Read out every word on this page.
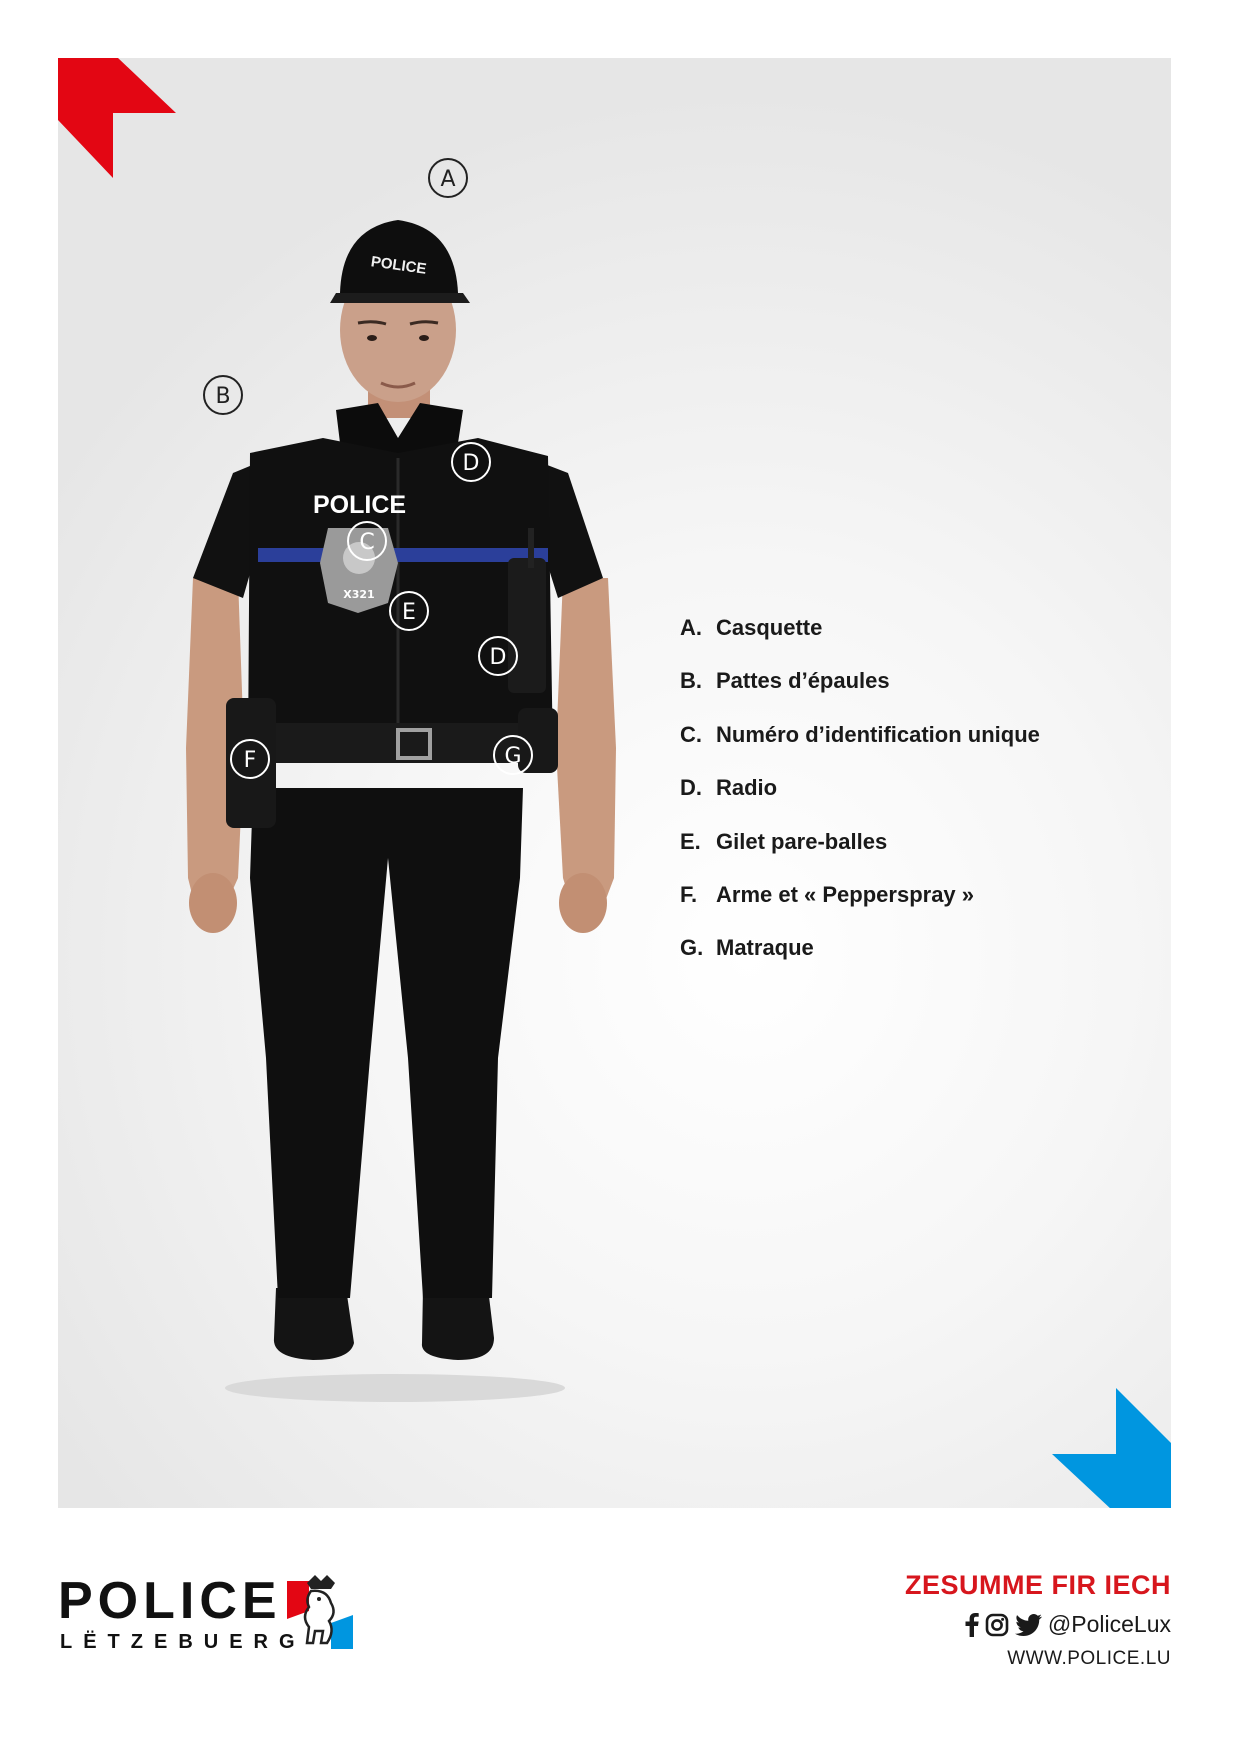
X321
POLICE
POLICE
A
B
C
D
D
E
F	G
A. Casquette
B. Pattes d’épaules
C. Numéro d’identification unique
D. Radio
E. Gilet pare-balles
F. Arme et « Pepperspray »
G. Matraque
POLICE
LËTZEBUERG
ZESUMME FIR IECH
@PoliceLux
WWW.POLICE.LU
